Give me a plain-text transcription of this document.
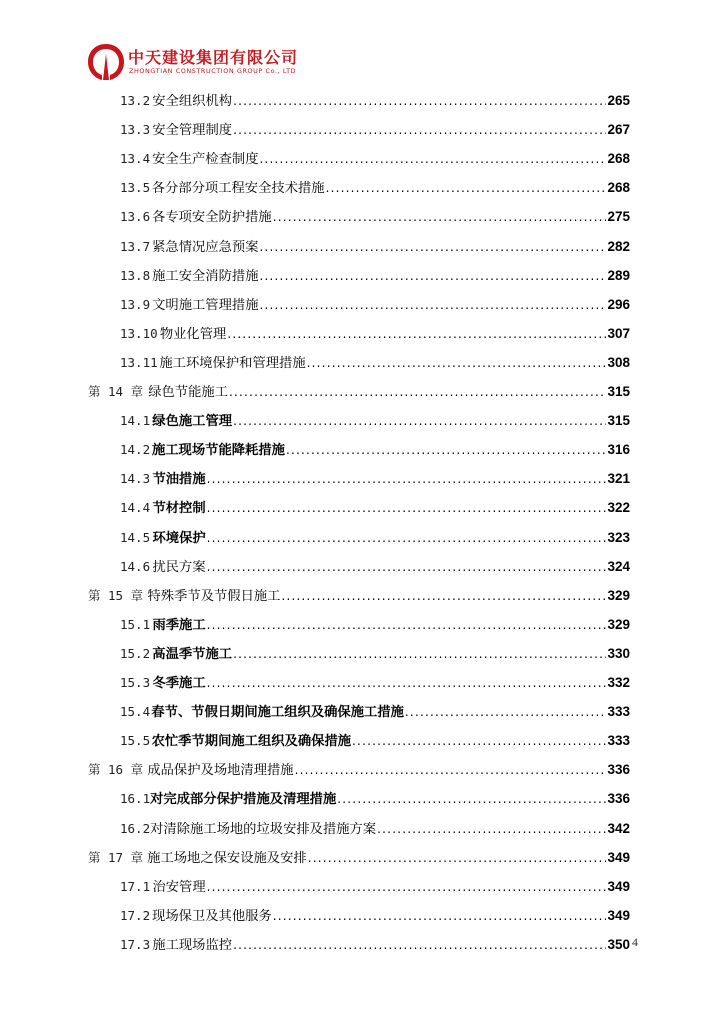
中天建设集团有限公司
ZHONGTIAN CONSTRUCTION GROUP Co., LTD
13.2 安全组织机构 .....	265
13.3 安全管理制度 .....	267
13.4 安全生产检查制度 .....	268
13.5 各分部分项工程安全技术措施 .....	268
13.6 各专项安全防护措施 .....	275
13.7 紧急情况应急预案 .....	282
13.8 施工安全消防措施 .....	289
13.9 文明施工管理措施 .....	296
13.10 物业化管理 .....	307
13.11 施工环境保护和管理措施 .....	308
第 14 章 绿色节能施工 .....	315
14.1 绿色施工管理 .....	315
14.2 施工现场节能降耗措施 .....	316
14.3 节油措施 .....	321
14.4 节材控制 .....	322
14.5 环境保护 .....	323
14.6 扰民方案 .....	324
第 15 章 特殊季节及节假日施工 .....	329
15.1 雨季施工 .....	329
15.2 高温季节施工 .....	330
15.3 冬季施工 .....	332
15.4 春节、节假日期间施工组织及确保施工措施 .....	333
15.5 农忙季节期间施工组织及确保措施 .....	333
第 16 章 成品保护及场地清理措施 .....	336
16.1 对完成部分保护措施及清理措施 .....	336
16.2 对清除施工场地的垃圾安排及措施方案 .....	342
第 17 章 施工场地之保安设施及安排 .....	349
17.1 治安管理 .....	349
17.2 现场保卫及其他服务 .....	349
17.3 施工现场监控 .....	350 4
